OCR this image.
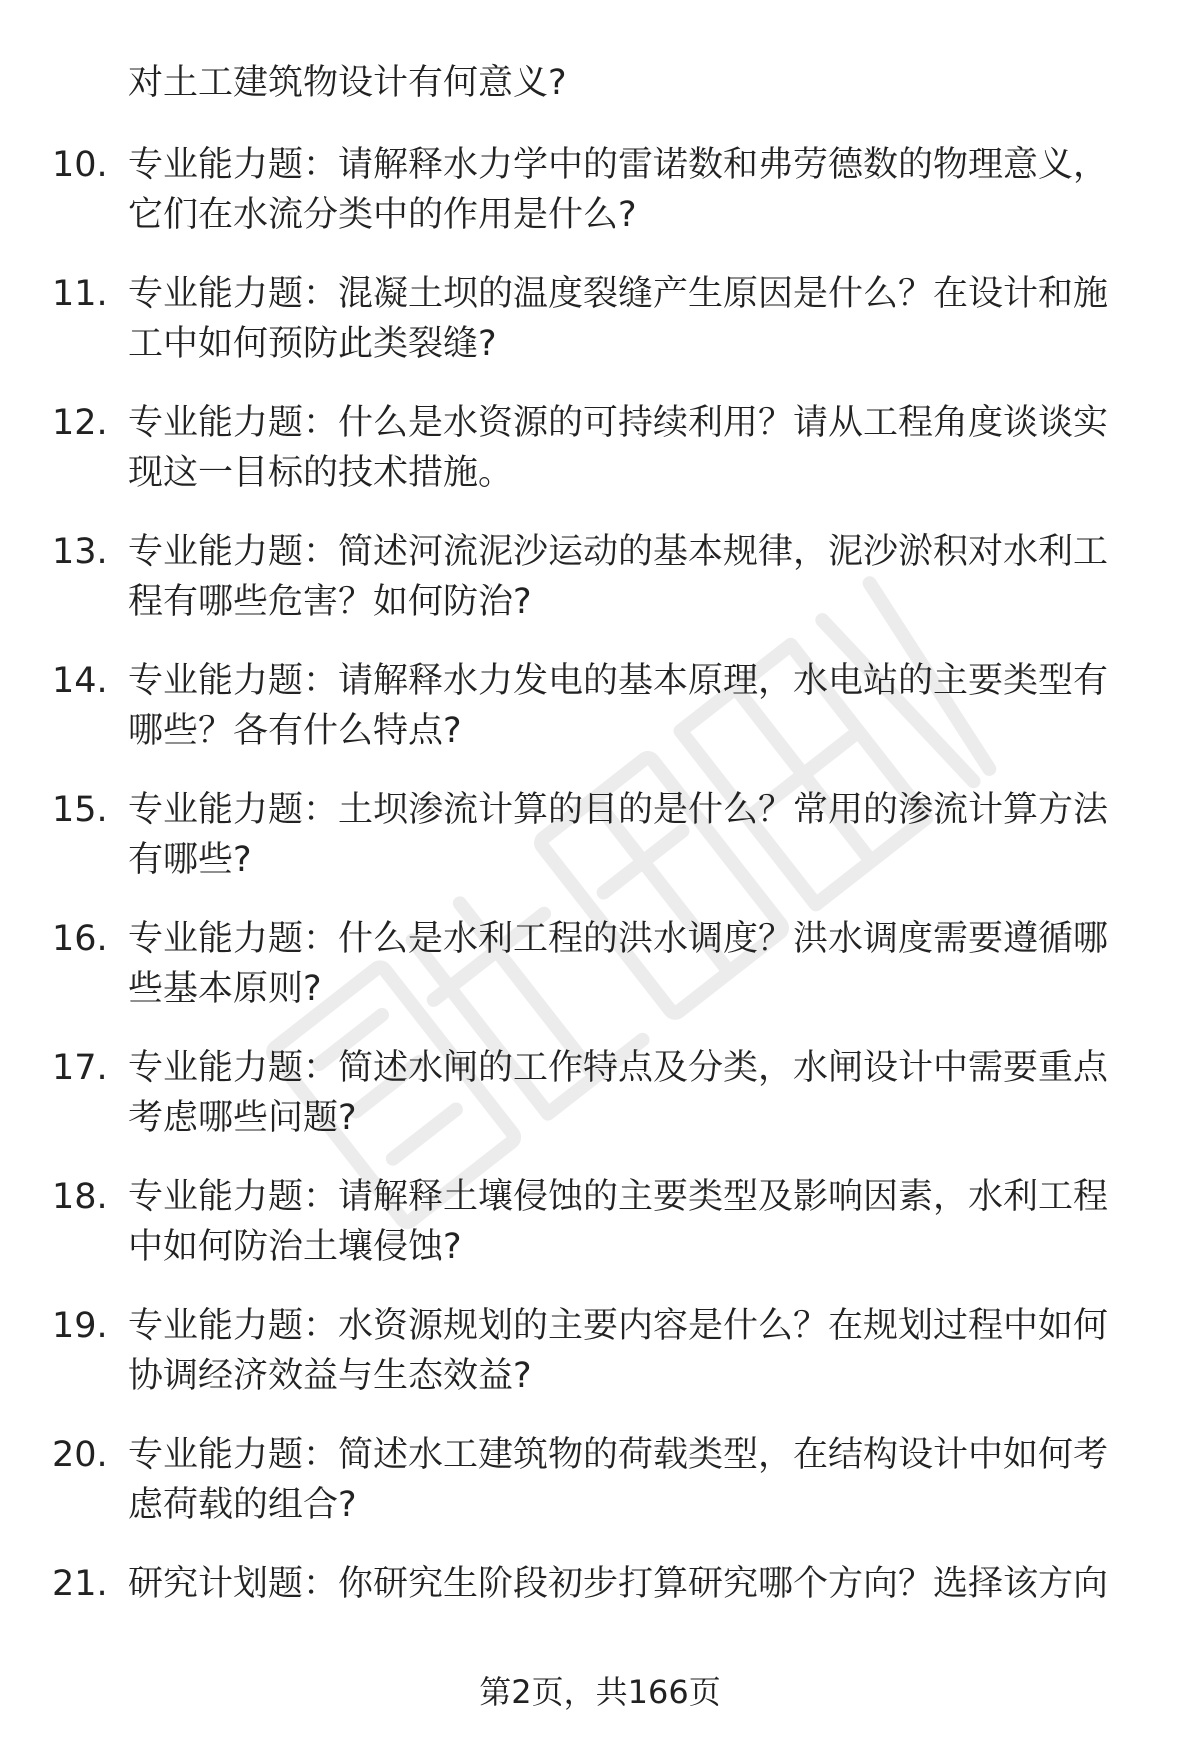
对土工建筑物设计有何意义?
10. 专业能力题：请解释水力学中的雷诺数和弗劳德数的物理意义，
它们在水流分类中的作用是什么?
11. 专业能力题：混凝土坝的温度裂缝产生原因是什么？在设计和施
工中如何预防此类裂缝?
12. 专业能力题：什么是水资源的可持续利用？请从工程角度谈谈实
现这一目标的技术措施。
13. 专业能力题：简述河流泥沙运动的基本规律，泥沙淤积对水利工
程有哪些危害？如何防治?
14. 专业能力题：请解释水力发电的基本原理，水电站的主要类型有
哪些？各有什么特点?
15. 专业能力题：土坝渗流计算的目的是什么？常用的渗流计算方法
有哪些?
16. 专业能力题：什么是水利工程的洪水调度？洪水调度需要遵循哪
些基本原则?
17. 专业能力题：简述水闸的工作特点及分类，水闸设计中需要重点
考虑哪些问题?
18. 专业能力题：请解释土壤侵蚀的主要类型及影响因素，水利工程
中如何防治土壤侵蚀?
19. 专业能力题：水资源规划的主要内容是什么？在规划过程中如何
协调经济效益与生态效益?
20. 专业能力题：简述水工建筑物的荷载类型，在结构设计中如何考
虑荷载的组合?
21. 研究计划题：你研究生阶段初步打算研究哪个方向？选择该方向
第2页，共166页
